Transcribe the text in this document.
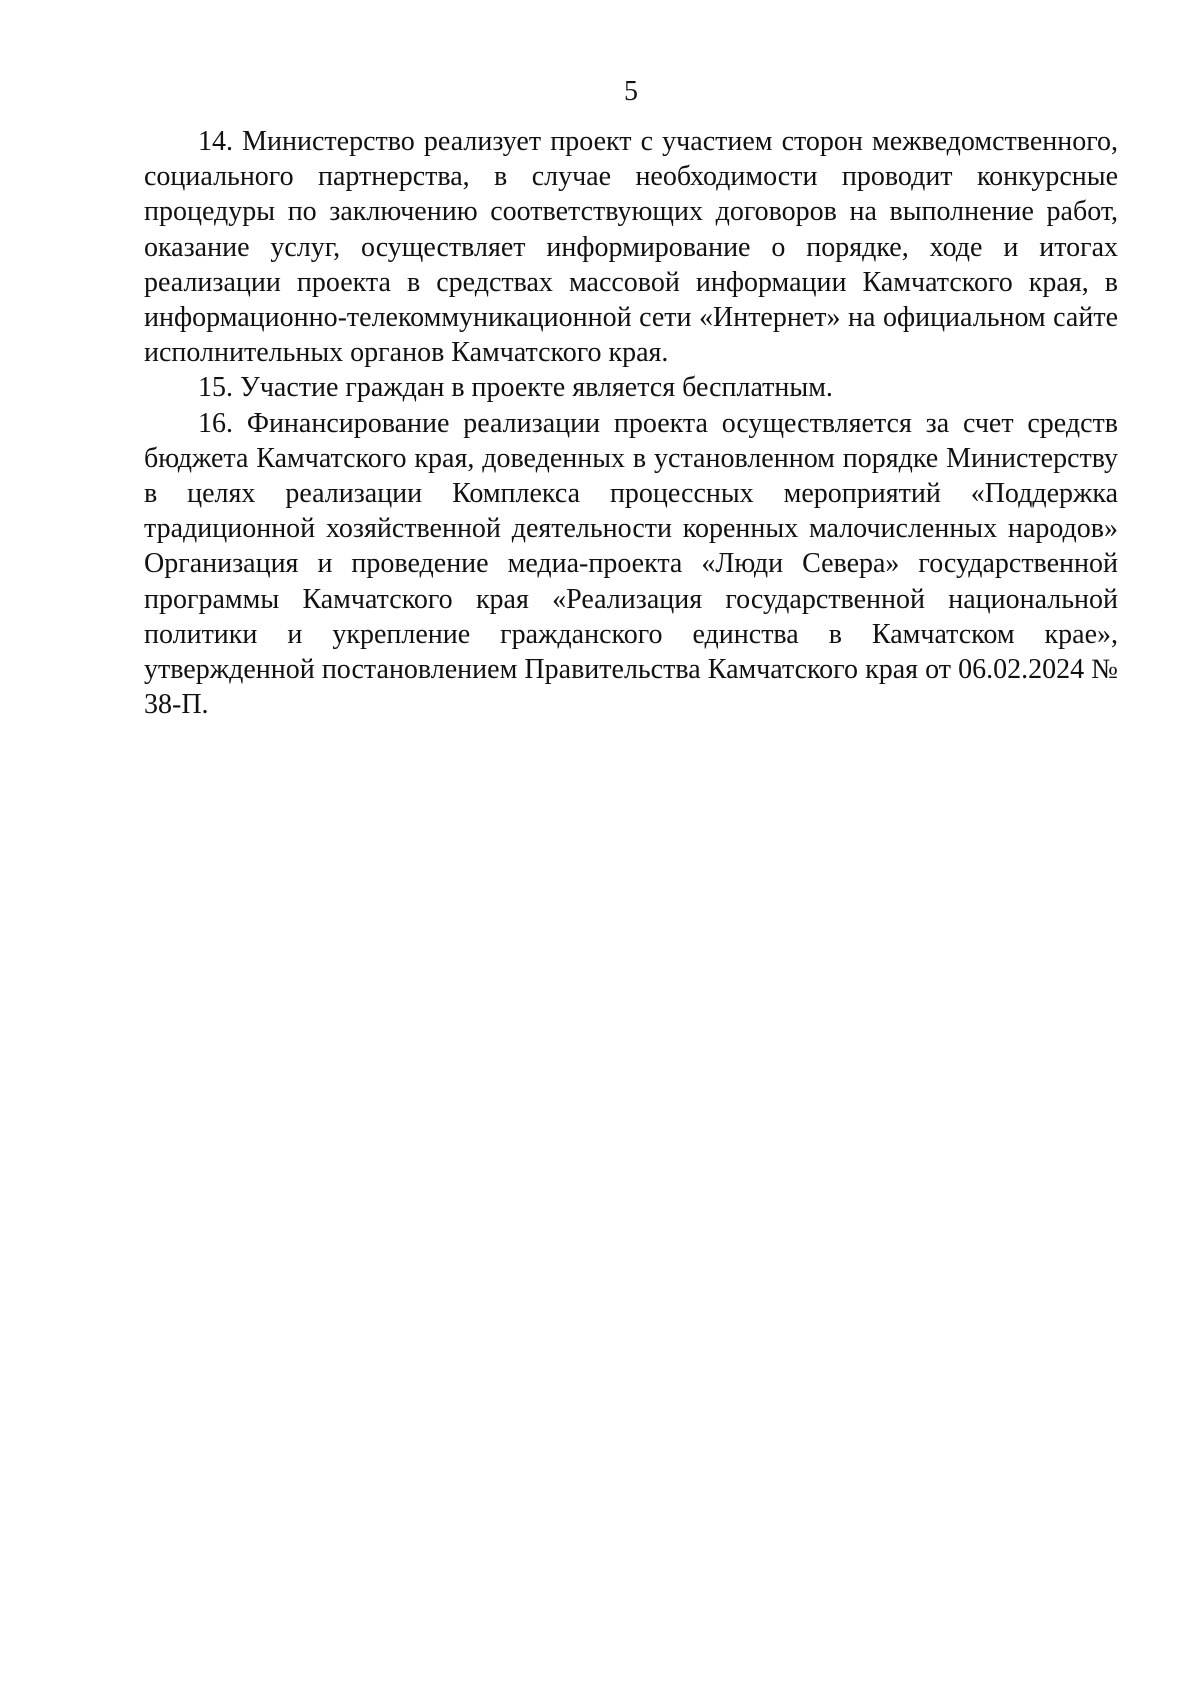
5

14. Министерство реализует проект с участием сторон межведомственного, социального партнерства, в случае необходимости проводит конкурсные процедуры по заключению соответствующих договоров на выполнение работ, оказание услуг, осуществляет информирование о порядке, ходе и итогах реализации проекта в средствах массовой информации Камчатского края, в информационно-телекоммуникационной сети «Интернет» на официальном сайте исполнительных органов Камчатского края.

15. Участие граждан в проекте является бесплатным.

16. Финансирование реализации проекта осуществляется за счет средств бюджета Камчатского края, доведенных в установленном порядке Министерству в целях реализации Комплекса процессных мероприятий «Поддержка традиционной хозяйственной деятельности коренных малочисленных народов» Организация и проведение медиа-проекта «Люди Севера» государственной программы Камчатского края «Реализация государственной национальной политики и укрепление гражданского единства в Камчатском крае», утвержденной постановлением Правительства Камчатского края от 06.02.2024 № 38-П.
